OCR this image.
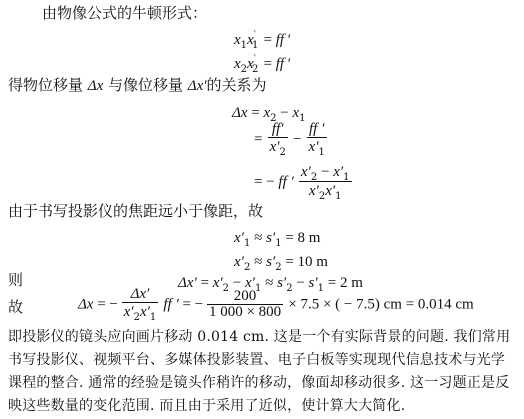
由物像公式的牛顿形式：
$x_1x'_1$ = ff ′
$x_2x'_2$ = ff ′
得物位移量 Δx 与像位移量 Δx′的关系为
$\Delta x = x_2 - x_1$
= $\frac{ff'}{x'_2} - \frac{ff '}{x'_1}$
= − ff ′ $\frac{x'_2 - x'_1}{x'_2x'_1}$
由于书写投影仪的焦距远小于像距，故
$x'_1 \approx s'_1 = 8$ m
$x'_2 \approx s'_2 = 10$ m
则	$\Delta x' = x'_2 - x'_1 \approx s'_2 - s'_1 = 2$ m
故	Δx = − $\frac{\Delta x'}{x'_2x'_1}$ ff ′ = − $\frac{200}{1 000 \times 800} \times 7.5$ × ( − 7.5) cm = 0.014 cm
即投影仪的镜头应向画片移动 0.014 cm. 这是一个有实际背景的问题. 我们常用书写投影仪、视频平台、多媒体投影装置、电子白板等实现现代信息技术与光学课程的整合. 通常的经验是镜头作稍许的移动，像面却移动很多. 这一习题正是反映这些数量的变化范围. 而且由于采用了近似，使计算大大简化.
